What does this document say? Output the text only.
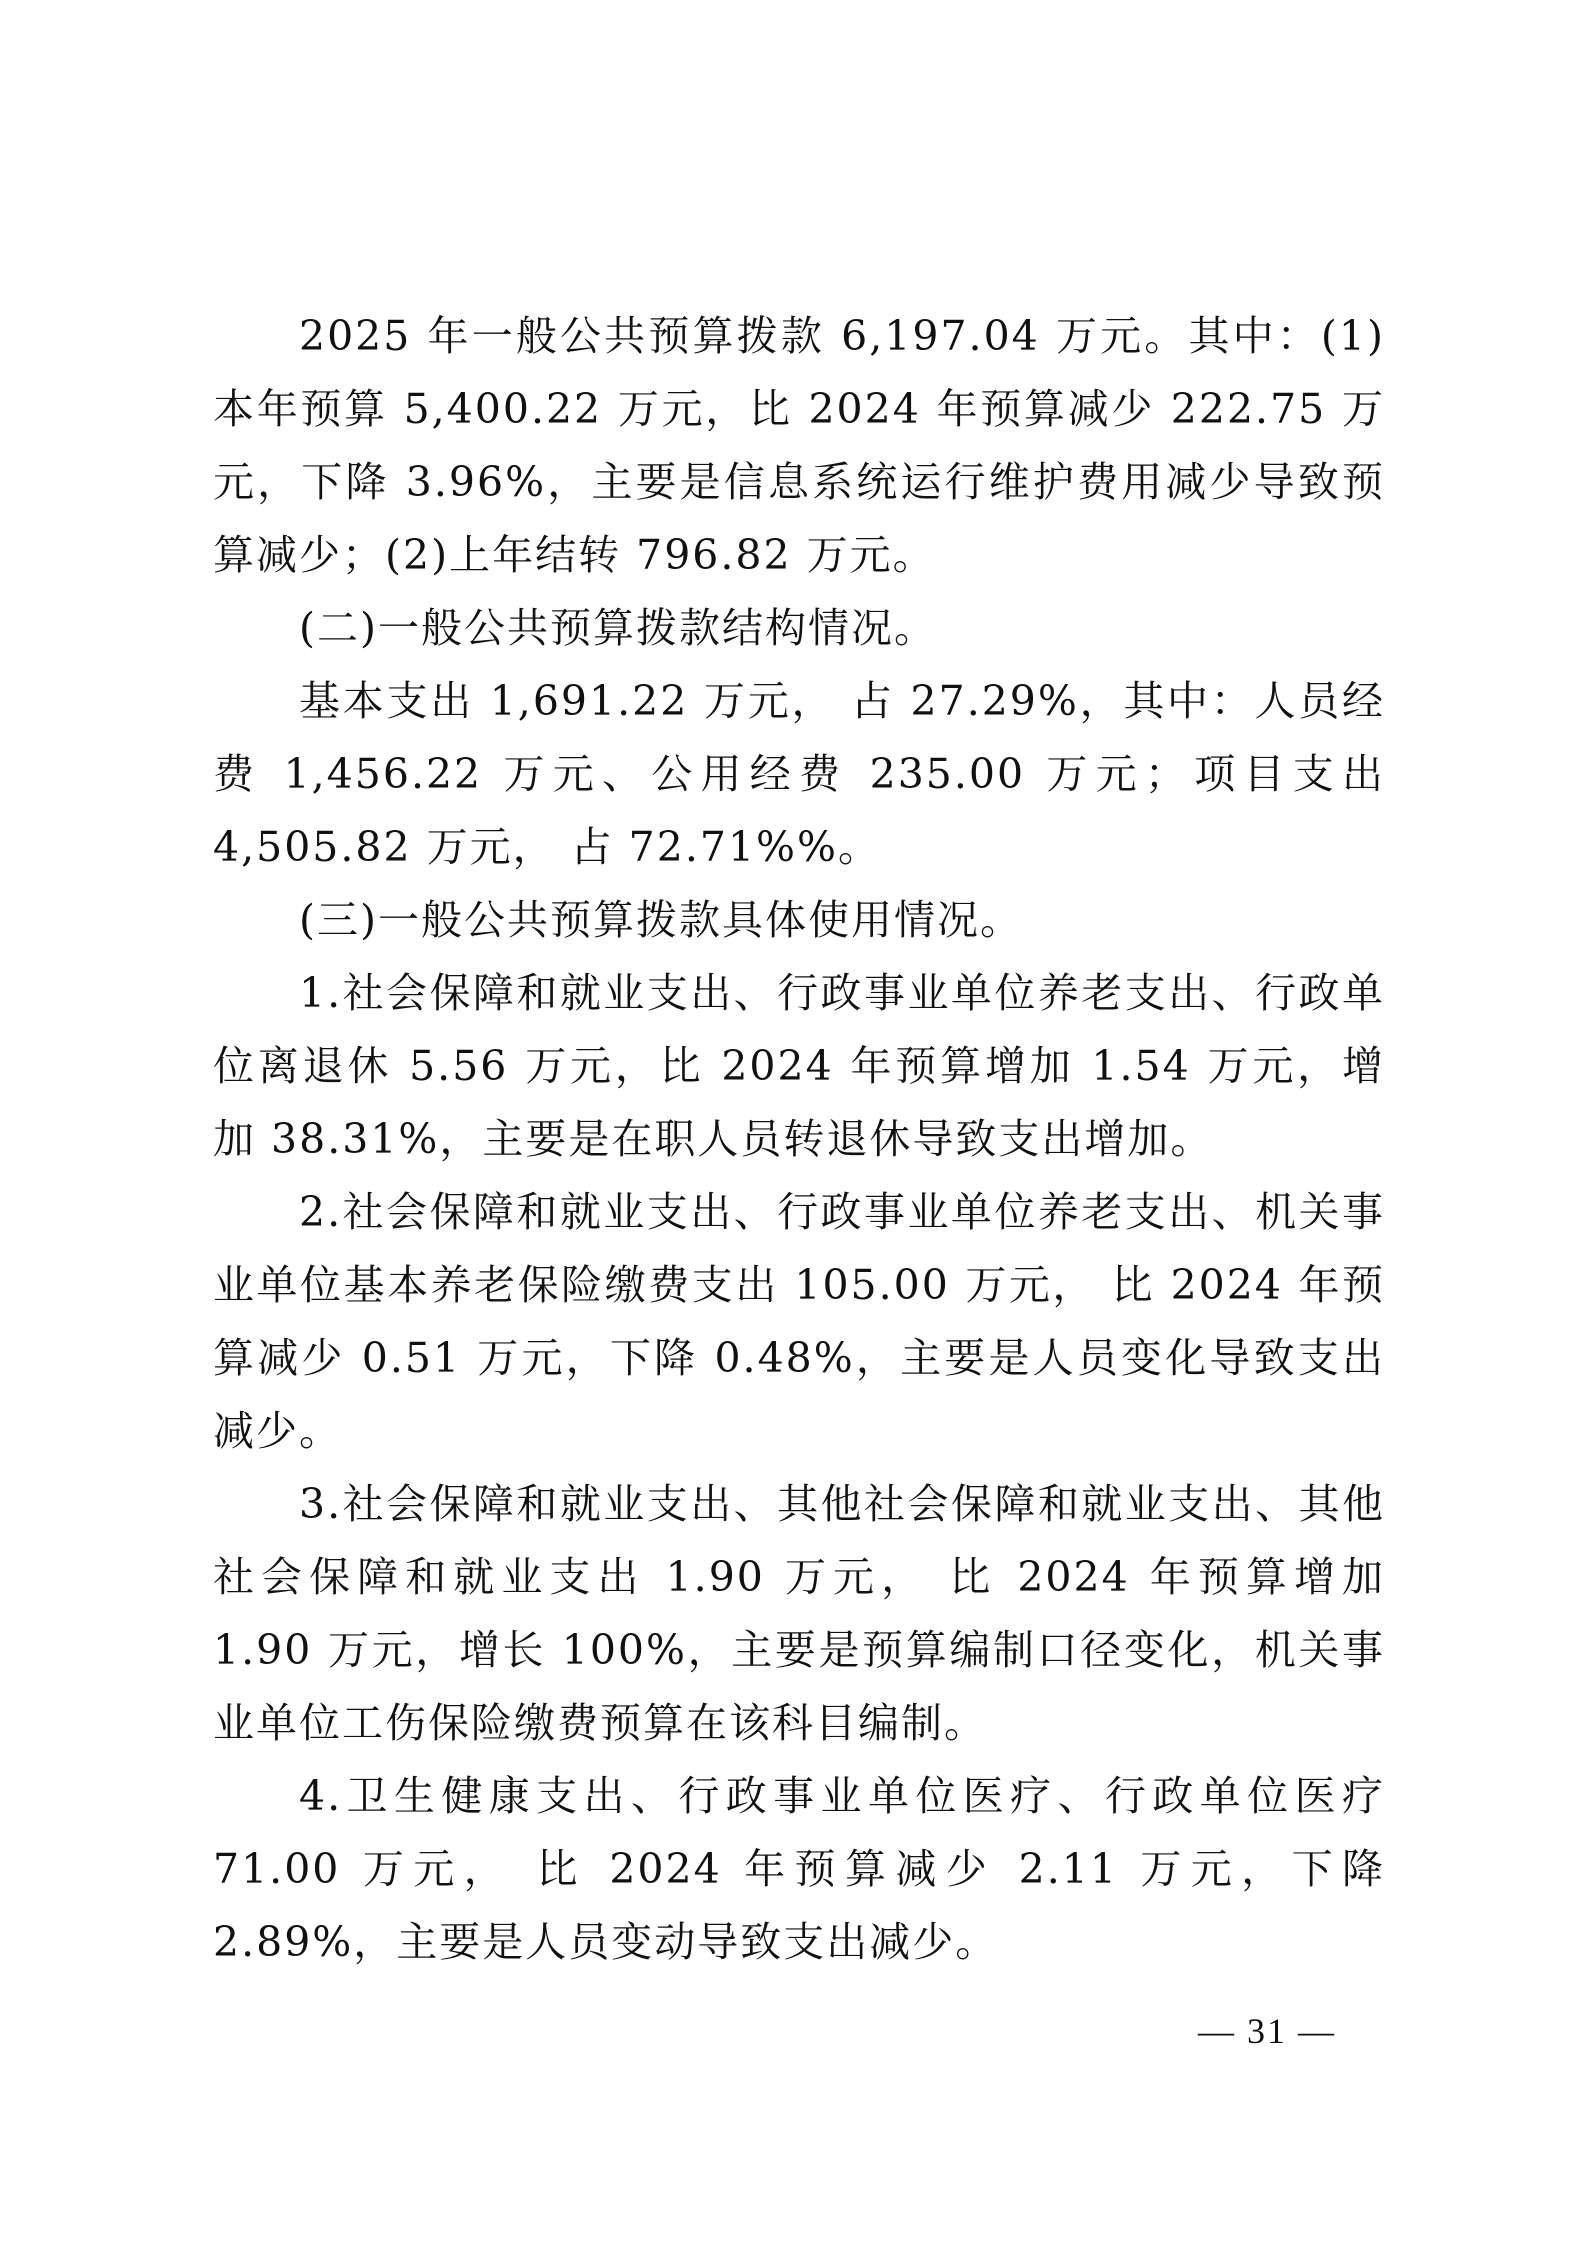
2025 年一般公共预算拨款 6,197.04 万元。其中：(1)本年预算 5,400.22 万元，比 2024 年预算减少 222.75 万元，下降 3.96%，主要是信息系统运行维护费用减少导致预算减少；(2)上年结转 796.82 万元。

(二)一般公共预算拨款结构情况。

基本支出 1,691.22 万元， 占 27.29%，其中：人员经费 1,456.22 万元、公用经费 235.00 万元；项目支出 4,505.82 万元， 占 72.71%%。

(三)一般公共预算拨款具体使用情况。

1.社会保障和就业支出、行政事业单位养老支出、行政单位离退休 5.56 万元，比 2024 年预算增加 1.54 万元，增加 38.31%，主要是在职人员转退休导致支出增加。

2.社会保障和就业支出、行政事业单位养老支出、机关事业单位基本养老保险缴费支出 105.00 万元， 比 2024 年预算减少 0.51 万元，下降 0.48%，主要是人员变化导致支出减少。

3.社会保障和就业支出、其他社会保障和就业支出、其他社会保障和就业支出 1.90 万元， 比 2024 年预算增加 1.90 万元，增长 100%，主要是预算编制口径变化，机关事业单位工伤保险缴费预算在该科目编制。

4.卫生健康支出、行政事业单位医疗、行政单位医疗 71.00 万元， 比 2024 年预算减少 2.11 万元，下降 2.89%，主要是人员变动导致支出减少。

— 31 —
